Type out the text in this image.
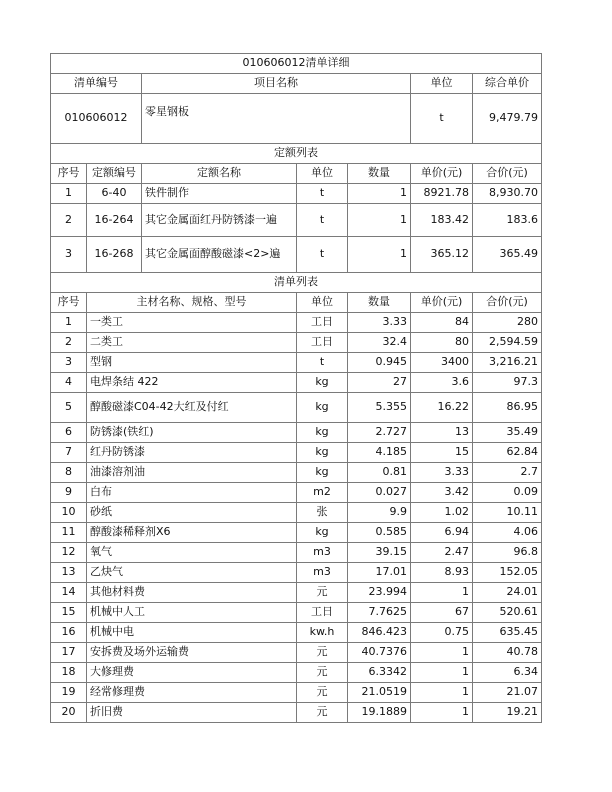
010606012清单详细						
清单编号		项目名称			单位	综合单价
010606012		零星钢板			t	9,479.79
定额列表						
序号	定额编号	定额名称	单位	数量	单价(元)	合价(元)
1	6-40	铁件制作	t	1	8921.78	8,930.70
2	16-264	其它金属面红丹防锈漆一遍	t	1	183.42	183.6
3	16-268	其它金属面醇酸磁漆<2>遍	t	1	365.12	365.49
清单列表						
序号	主材名称、规格、型号		单位	数量	单价(元)	合价(元)
1	一类工		工日	3.33	84	280
2	二类工		工日	32.4	80	2,594.59
3	型钢		t	0.945	3400	3,216.21
4	电焊条结 422		kg	27	3.6	97.3
5	醇酸磁漆C04-42大红及付红		kg	5.355	16.22	86.95
6	防锈漆(铁红)		kg	2.727	13	35.49
7	红丹防锈漆		kg	4.185	15	62.84
8	油漆溶剂油		kg	0.81	3.33	2.7
9	白布		m2	0.027	3.42	0.09
10	砂纸		张	9.9	1.02	10.11
11	醇酸漆稀释剂X6		kg	0.585	6.94	4.06
12	氧气		m3	39.15	2.47	96.8
13	乙炔气		m3	17.01	8.93	152.05
14	其他材料费		元	23.994	1	24.01
15	机械中人工		工日	7.7625	67	520.61
16	机械中电		kw.h	846.423	0.75	635.45
17	安拆费及场外运输费		元	40.7376	1	40.78
18	大修理费		元	6.3342	1	6.34
19	经常修理费		元	21.0519	1	21.07
20	折旧费		元	19.1889	1	19.21
